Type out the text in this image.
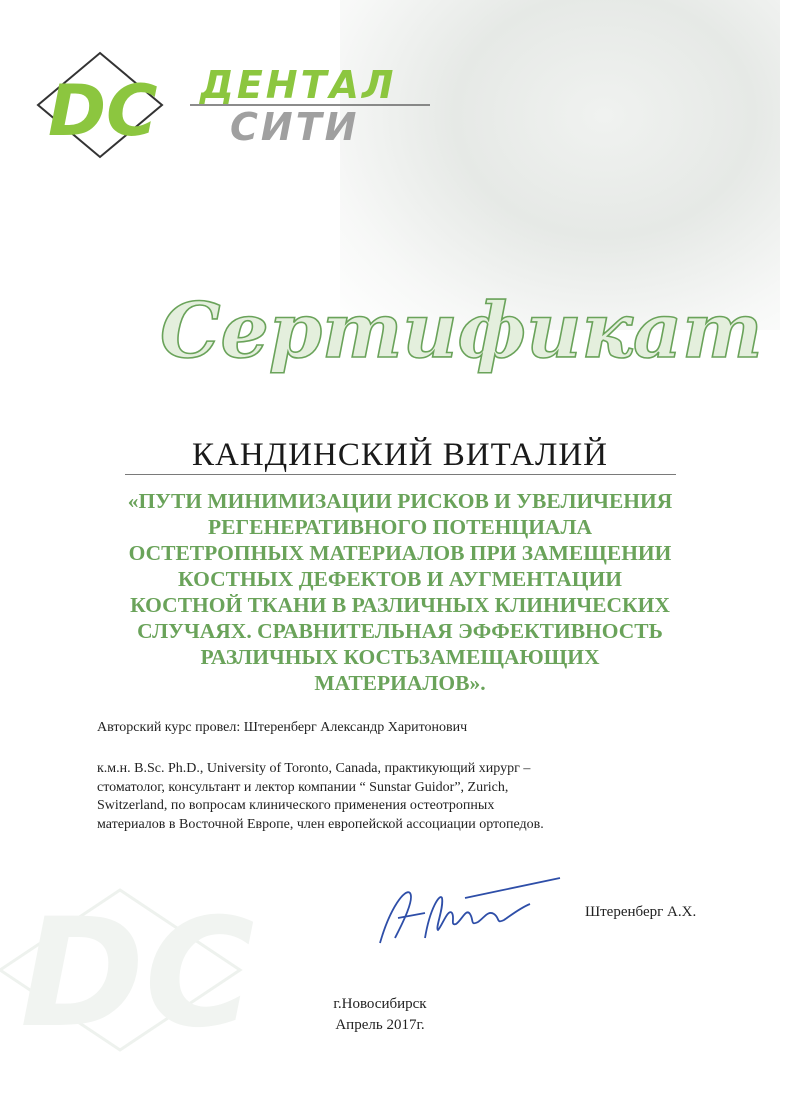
DC ДЕНТАЛ
СИТИ
Сертификат
КАНДИНСКИЙ ВИТАЛИЙ
«ПУТИ МИНИМИЗАЦИИ РИСКОВ И УВЕЛИЧЕНИЯ
РЕГЕНЕРАТИВНОГО ПОТЕНЦИАЛА
ОСТЕТРОПНЫХ МАТЕРИАЛОВ ПРИ ЗАМЕЩЕНИИ
КОСТНЫХ ДЕФЕКТОВ И АУГМЕНТАЦИИ
КОСТНОЙ ТКАНИ В РАЗЛИЧНЫХ КЛИНИЧЕСКИХ
СЛУЧАЯХ. СРАВНИТЕЛЬНАЯ ЭФФЕКТИВНОСТЬ
РАЗЛИЧНЫХ КОСТЬЗАМЕЩАЮЩИХ
МАТЕРИАЛОВ».
Авторский курс провел: Штеренберг Александр Харитонович
к.м.н. B.Sc. Ph.D., University of Toronto, Canada, практикующий хирург –
стоматолог, консультант и лектор компании “ Sunstar Guidor”, Zurich,
Switzerland, по вопросам клинического применения остеотропных
материалов в Восточной Европе, член европейской ассоциации ортопедов.
Штеренберг А.Х.
г.Новосибирск
Апрель 2017г.
DC
